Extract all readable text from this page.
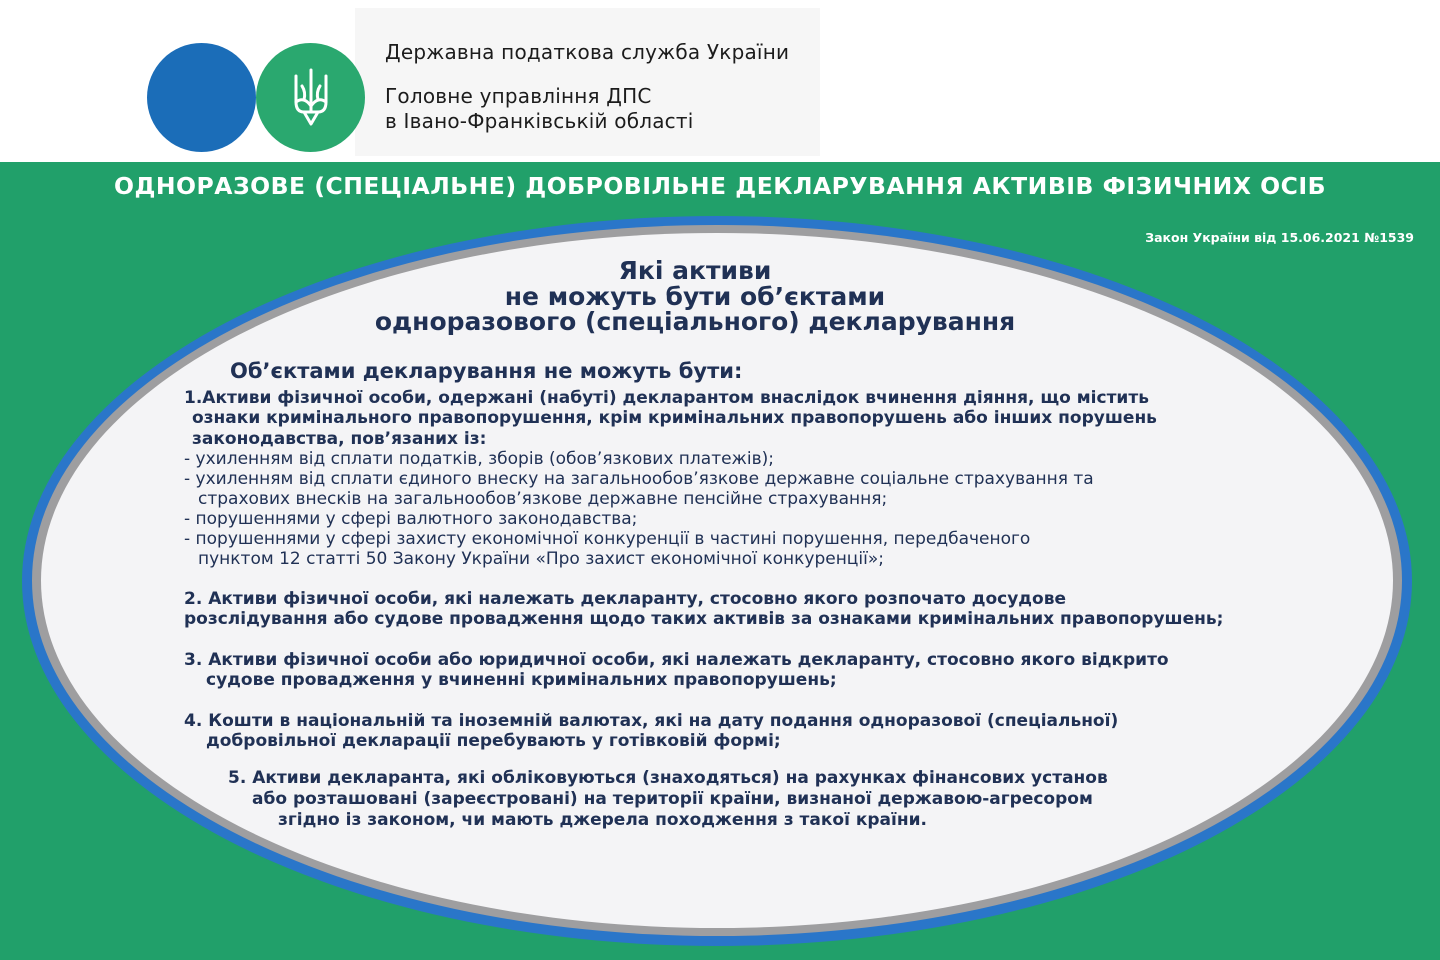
Державна податкова служба України
Головне управління ДПС
в Івано-Франківській області
ОДНОРАЗОВЕ (СПЕЦІАЛЬНЕ) ДОБРОВІЛЬНЕ ДЕКЛАРУВАННЯ АКТИВІВ ФІЗИЧНИХ ОСІБ
Закон України від 15.06.2021 №1539
Які активи
не можуть бути об’єктами
одноразового (спеціального) декларування
Об’єктами декларування не можуть бути:
1.Активи фізичної особи, одержані (набуті) декларантом внаслідок вчинення діяння, що містить
ознаки кримінального правопорушення, крім кримінальних правопорушень або інших порушень
законодавства, пов’язаних із:
- ухиленням від сплати податків, зборів (обов’язкових платежів);
- ухиленням від сплати єдиного внеску на загальнообов’язкове державне соціальне страхування та
страхових внесків на загальнообов’язкове державне пенсійне страхування;
- порушеннями у сфері валютного законодавства;
- порушеннями у сфері захисту економічної конкуренції в частині порушення, передбаченого
пунктом 12 статті 50 Закону України «Про захист економічної конкуренції»;
2. Активи фізичної особи, які належать декларанту, стосовно якого розпочато досудове
розслідування або судове провадження щодо таких активів за ознаками кримінальних правопорушень;
3. Активи фізичної особи або юридичної особи, які належать декларанту, стосовно якого відкрито
судове провадження у вчиненні кримінальних правопорушень;
4. Кошти в національній та іноземній валютах, які на дату подання одноразової (спеціальної)
добровільної декларації перебувають у готівковій формі;
5. Активи декларанта, які обліковуються (знаходяться) на рахунках фінансових установ
або розташовані (зареєстровані) на території країни, визнаної державою-агресором
згідно із законом, чи мають джерела походження з такої країни.
